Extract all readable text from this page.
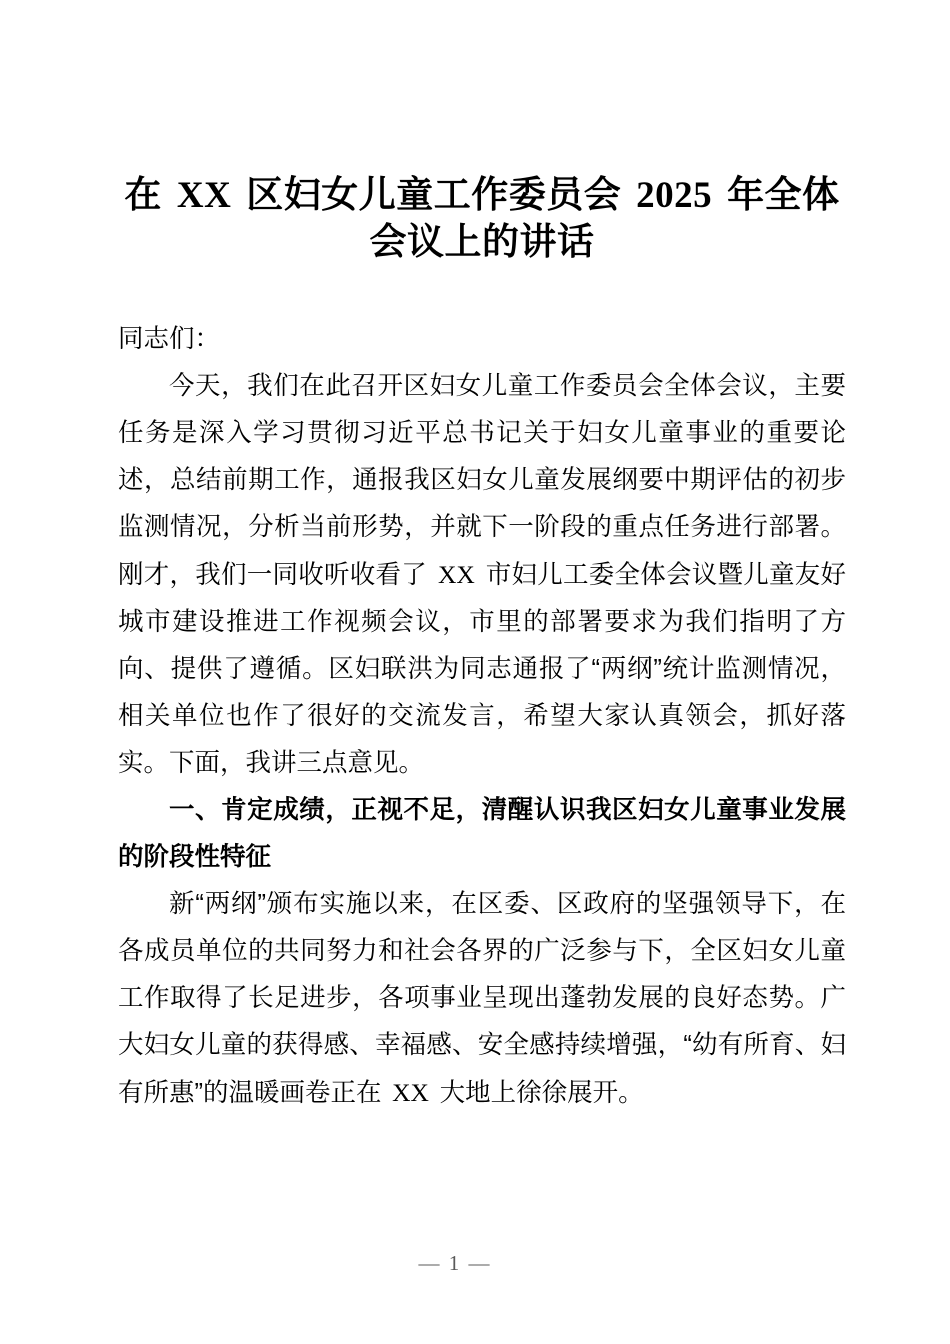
在 XX 区妇女儿童工作委员会 2025 年全体会议上的讲话
同志们：

今天，我们在此召开区妇女儿童工作委员会全体会议，主要任务是深入学习贯彻习近平总书记关于妇女儿童事业的重要论述，总结前期工作，通报我区妇女儿童发展纲要中期评估的初步监测情况，分析当前形势，并就下一阶段的重点任务进行部署。刚才，我们一同收听收看了 XX 市妇儿工委全体会议暨儿童友好城市建设推进工作视频会议，市里的部署要求为我们指明了方向、提供了遵循。区妇联洪为同志通报了“两纲”统计监测情况，相关单位也作了很好的交流发言，希望大家认真领会，抓好落实。下面，我讲三点意见。

一、肯定成绩，正视不足，清醒认识我区妇女儿童事业发展的阶段性特征

新“两纲”颁布实施以来，在区委、区政府的坚强领导下，在各成员单位的共同努力和社会各界的广泛参与下，全区妇女儿童工作取得了长足进步，各项事业呈现出蓬勃发展的良好态势。广大妇女儿童的获得感、幸福感、安全感持续增强，“幼有所育、妇有所惠”的温暖画卷正在 XX 大地上徐徐展开。

— 1 —
